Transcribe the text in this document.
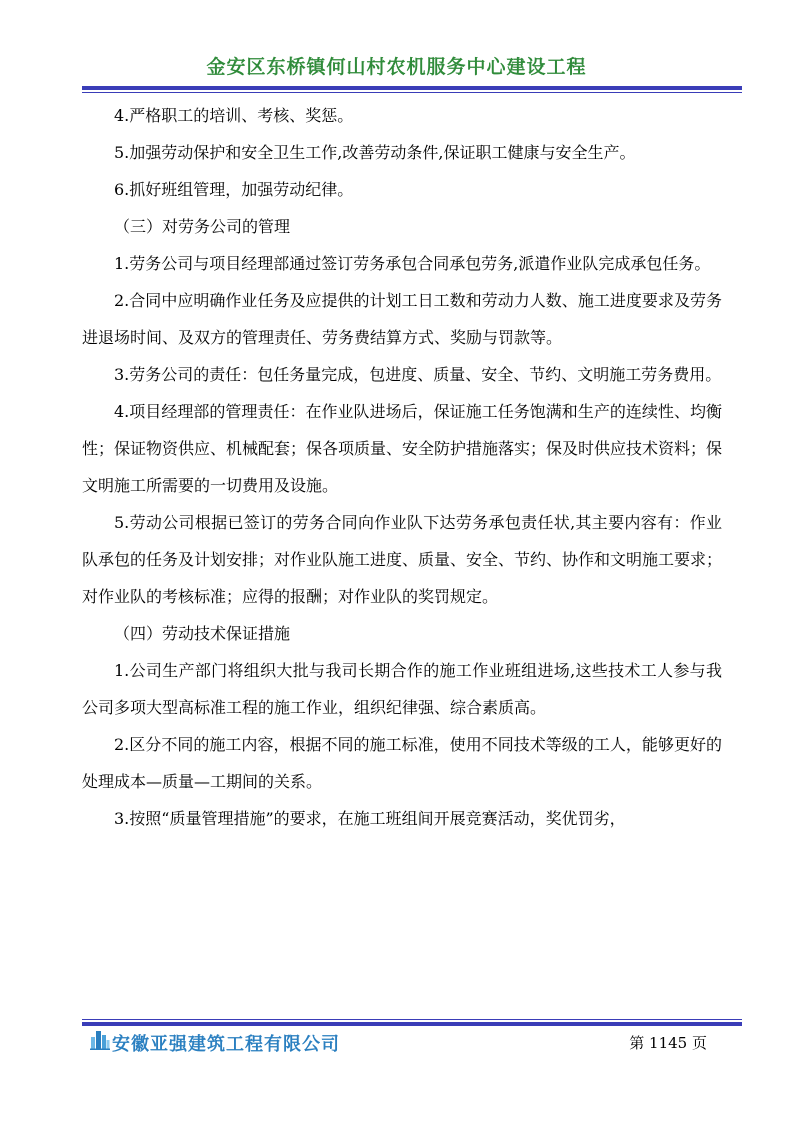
金安区东桥镇何山村农机服务中心建设工程

4.严格职工的培训、考核、奖惩。

5.加强劳动保护和安全卫生工作,改善劳动条件,保证职工健康与安全生产。

6.抓好班组管理，加强劳动纪律。

（三）对劳务公司的管理

1.劳务公司与项目经理部通过签订劳务承包合同承包劳务,派遣作业队完成承包任务。

2.合同中应明确作业任务及应提供的计划工日工数和劳动力人数、施工进度要求及劳务进退场时间、及双方的管理责任、劳务费结算方式、奖励与罚款等。

3.劳务公司的责任：包任务量完成，包进度、质量、安全、节约、文明施工劳务费用。

4.项目经理部的管理责任：在作业队进场后，保证施工任务饱满和生产的连续性、均衡性；保证物资供应、机械配套；保各项质量、安全防护措施落实；保及时供应技术资料；保文明施工所需要的一切费用及设施。

5.劳动公司根据已签订的劳务合同向作业队下达劳务承包责任状,其主要内容有：作业队承包的任务及计划安排；对作业队施工进度、质量、安全、节约、协作和文明施工要求；对作业队的考核标准；应得的报酬；对作业队的奖罚规定。

（四）劳动技术保证措施

1.公司生产部门将组织大批与我司长期合作的施工作业班组进场,这些技术工人参与我公司多项大型高标准工程的施工作业，组织纪律强、综合素质高。

2.区分不同的施工内容，根据不同的施工标准，使用不同技术等级的工人，能够更好的处理成本—质量—工期间的关系。

3.按照“质量管理措施”的要求，在施工班组间开展竞赛活动，奖优罚劣，

安徽亚强建筑工程有限公司	第 1145 页
